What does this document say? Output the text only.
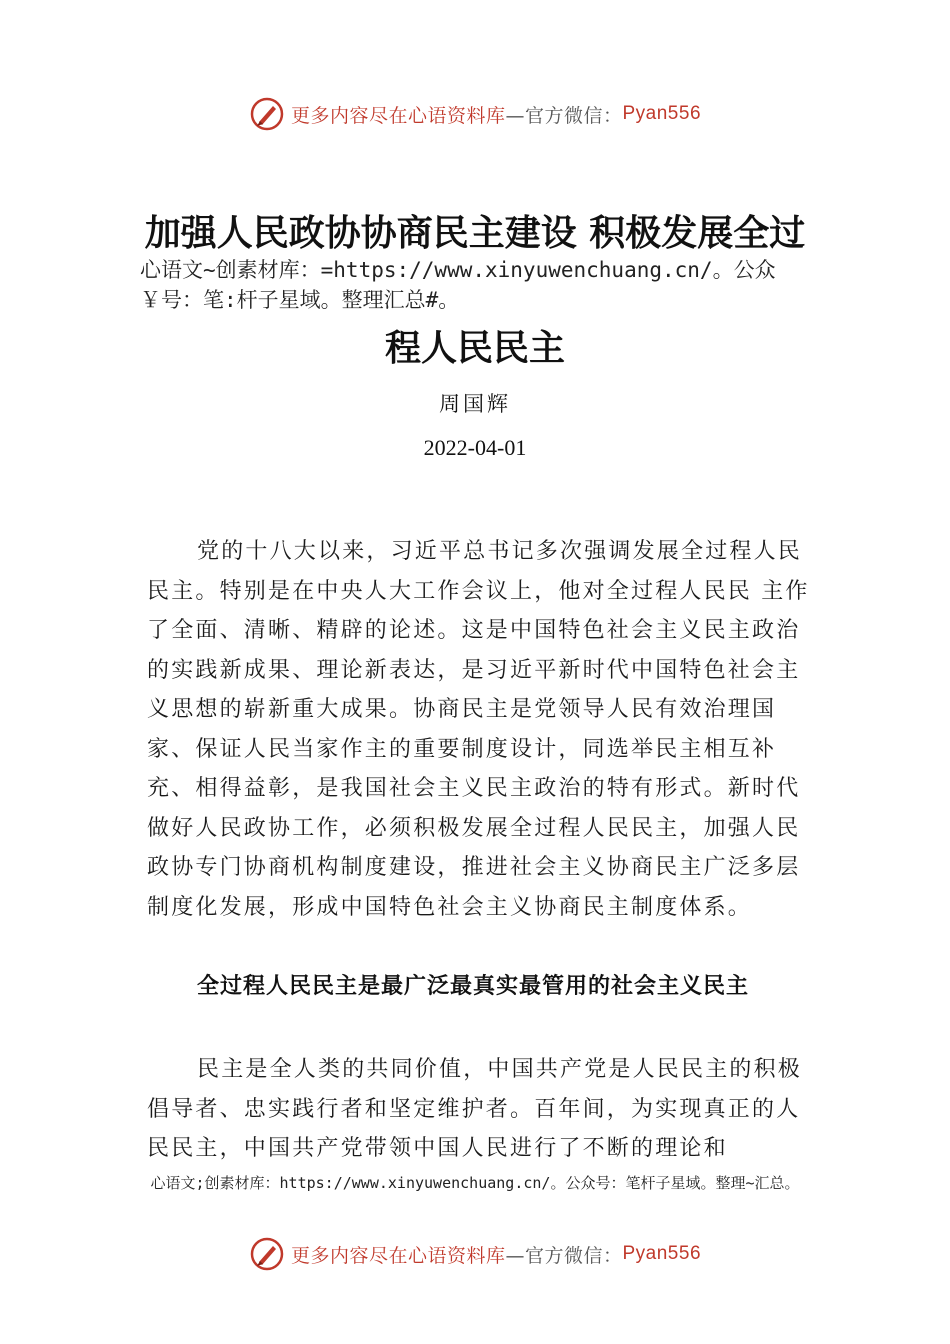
更多内容尽在心语资料库 —官方微信： Pyan556
加强人民政协协商民主建设 积极发展全过
心语文~创素材库：=https://www.xinyuwenchuang.cn/。公众￥号：笔:杆子星域。整理汇总#。
程人民民主
周国辉
2022-04-01
党的十八大以来，习近平总书记多次强调发展全过程人民民主。特别是在中央人大工作会议上，他对全过程人民民 主作了全面、清晰、精辟的论述。这是中国特色社会主义民主政治的实践新成果、理论新表达，是习近平新时代中国特色社会主义思想的崭新重大成果。协商民主是党领导人民有效治理国家、保证人民当家作主的重要制度设计，同选举民主相互补充、相得益彰，是我国社会主义民主政治的特有形式。新时代做好人民政协工作，必须积极发展全过程人民民主，加强人民政协专门协商机构制度建设，推进社会主义协商民主广泛多层制度化发展，形成中国特色社会主义协商民主制度体系。
全过程人民民主是最广泛最真实最管用的社会主义民主
民主是全人类的共同价值，中国共产党是人民民主的积极倡导者、忠实践行者和坚定维护者。百年间，为实现真正的人民民主，中国共产党带领中国人民进行了不断的理论和
心语文;创素材库：https://www.xinyuwenchuang.cn/。公众号：笔杆子星域。整理~汇总。
更多内容尽在心语资料库 —官方微信： Pyan556
